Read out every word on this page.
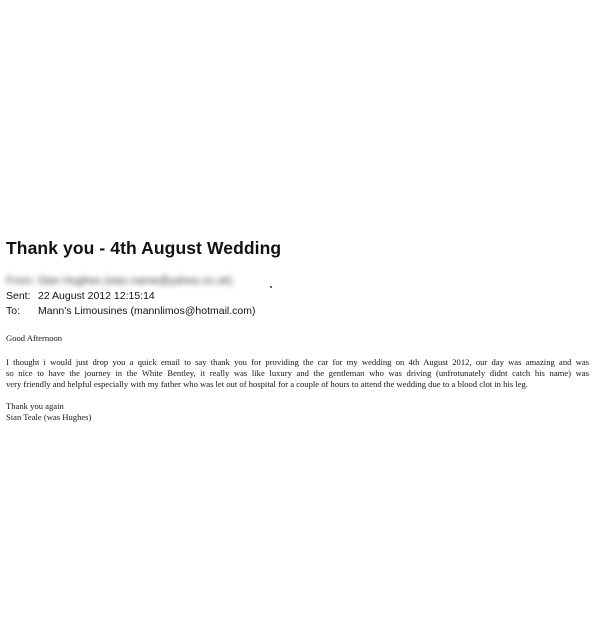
Thank you - 4th August Wedding
From: Sian Hughes (sian.name@yahoo.co.uk)
Sent: 22 August 2012 12:15:14
To:	Mann's Limousines (mannlimos@hotmail.com)

Good Afternoon

I thought i would just drop you a quick email to say thank you for providing the car for my wedding on 4th August 2012, our day was amazing and was
so nice to have the journey in the White Bentley, it really was like luxury and the gentleman who was driving (unfrotunately didnt catch his name) was
very friendly and helpful especially with my father who was let out of hospital for a couple of hours to attend the wedding due to a blood clot in his leg.
Thank you again
Sian Teale (was Hughes)
